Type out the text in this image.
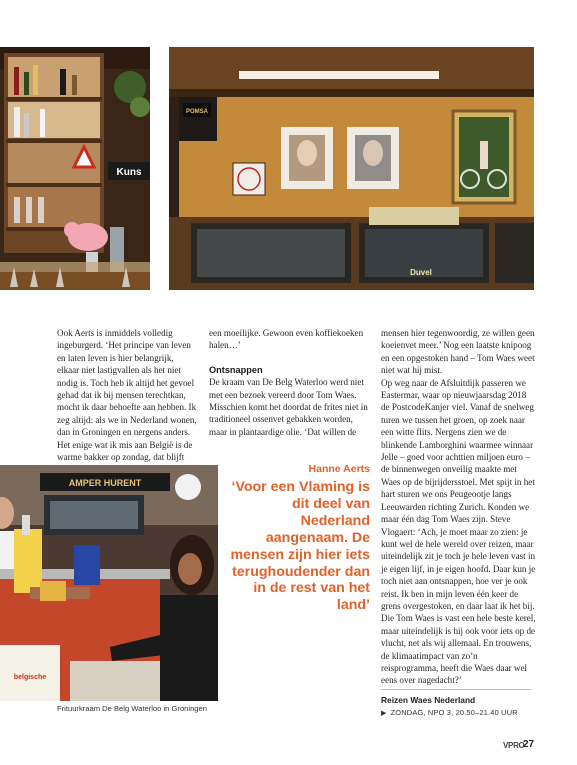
Kuns
POMSA
Duvel

Ook Aerts is inmiddels volledig ingeburgerd. ‘Het principe van leven en laten leven is hier belangrijk, elkaar niet lastigvallen als het niet nodig is. Toch heb ik altijd het gevoel gehad dat ik bij mensen terechtkan, mocht ik daar behoefte aan hebben. Ik zeg altijd: als we in Nederland wonen, dan in Groningen en nergens anders. Het enige wat ik mis aan België is de warme bakker op zondag, dat blijft

een moeilijke. Gewoon even koffiekoeken halen…’

Ontsnappen

De kraam van De Belg Waterloo werd niet met een bezoek vereerd door Tom Waes. Misschien komt het doordat de frites niet in traditioneel ossenvet gebakken worden, maar in plantaardige olie. ‘Dat willen de

mensen hier tegenwoordig, ze willen geen koeienvet meer.’ Nog een laatste knipoog en een opgestoken hand – Tom Waes weet niet wat hij mist.

Op weg naar de Afsluitdijk passeren we Eastermar, waar op nieuwjaarsdag 2018 de PostcodeKanjer viel. Vanaf de snelweg turen we tussen het groen, op zoek naar een witte flits. Nergens zien we de blinkende Lamborghini waarmee winnaar Jelle – goed voor achttien miljoen euro – de binnenwegen onveilig maakte met Waes op de bijrijdersstoel. Met spijt in het hart sturen we ons Peugeootje langs Leeuwarden richting Zurich. Konden we maar één dag Tom Waes zijn. Steve Vlogaert: ‘Ach, je moet maar zo zien: je kunt wel de hele wereld over reizen, maar uiteindelijk zit je toch je hele leven vast in je eigen lijf, in je eigen hoofd. Daar kun je toch niet aan ontsnappen, hoe ver je ook reist. Ik ben in mijn leven één keer de grens overgestoken, en daar laat ik het bij. Die Tom Waes is vast een hele beste kerel, maar uiteindelijk is hij ook voor iets op de vlucht, net als wij allemaal. En trouwens, de klimaatimpact van zo’n reisprogramma, heeft die Waes daar wel eens over nagedacht?’

Hanne Aerts
‘Voor een Vlaming is dit deel van Nederland aangenaam. De mensen zijn hier iets terughoudender dan in de rest van het land’
AMPER HURENT
belgische
Frituurkraam De Belg Waterloo in Groningen
Reizen Waes Nederland
▶ ZONDAG, NPO 3, 20.50–21.40 UUR
VPRO
27
